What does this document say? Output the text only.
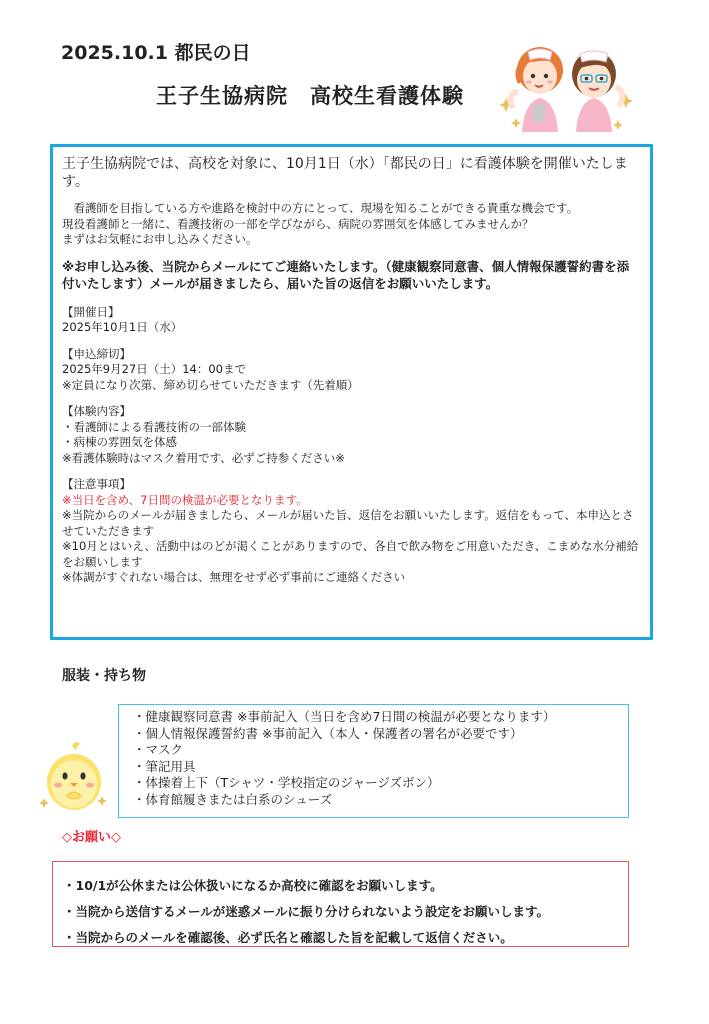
2025.10.1 都民の日
王子生協病院　高校生看護体験

王子生協病院では、高校を対象に、10月1日（水）「都民の日」に看護体験を開催いたします。

　看護師を目指している方や進路を検討中の方にとって、現場を知ることができる貴重な機会です。
現役看護師と一緒に、看護技術の一部を学びながら、病院の雰囲気を体感してみませんか？
まずはお気軽にお申し込みください。

※お申し込み後、当院からメールにてご連絡いたします。（健康観察同意書、個人情報保護誓約書を添付いたします）メールが届きましたら、届いた旨の返信をお願いいたします。

【開催日】
2025年10月1日（水）
【申込締切】
2025年9月27日（土）14：00まで
※定員になり次第、締め切らせていただきます（先着順）
【体験内容】
・看護師による看護技術の一部体験
・病棟の雰囲気を体感
※看護体験時はマスク着用です、必ずご持参ください※
【注意事項】
※当日を含め、7日間の検温が必要となります。
※当院からのメールが届きましたら、メールが届いた旨、返信をお願いいたします。返信をもって、本申込とさせていただきます
※10月とはいえ、活動中はのどが渇くことがありますので、各自で飲み物をご用意いただき、こまめな水分補給をお願いします
※体調がすぐれない場合は、無理をせず必ず事前にご連絡ください
服装・持ち物
・健康観察同意書 ※事前記入（当日を含め7日間の検温が必要となります）
・個人情報保護誓約書 ※事前記入（本人・保護者の署名が必要です）
・マスク
・筆記用具
・体操着上下（Tシャツ・学校指定のジャージズボン）
・体育館履きまたは白系のシューズ
◇お願い◇
・10/1が公休または公休扱いになるか高校に確認をお願いします。
・当院から送信するメールが迷惑メールに振り分けられないよう設定をお願いします。
・当院からのメールを確認後、必ず氏名と確認した旨を記載して返信ください。
